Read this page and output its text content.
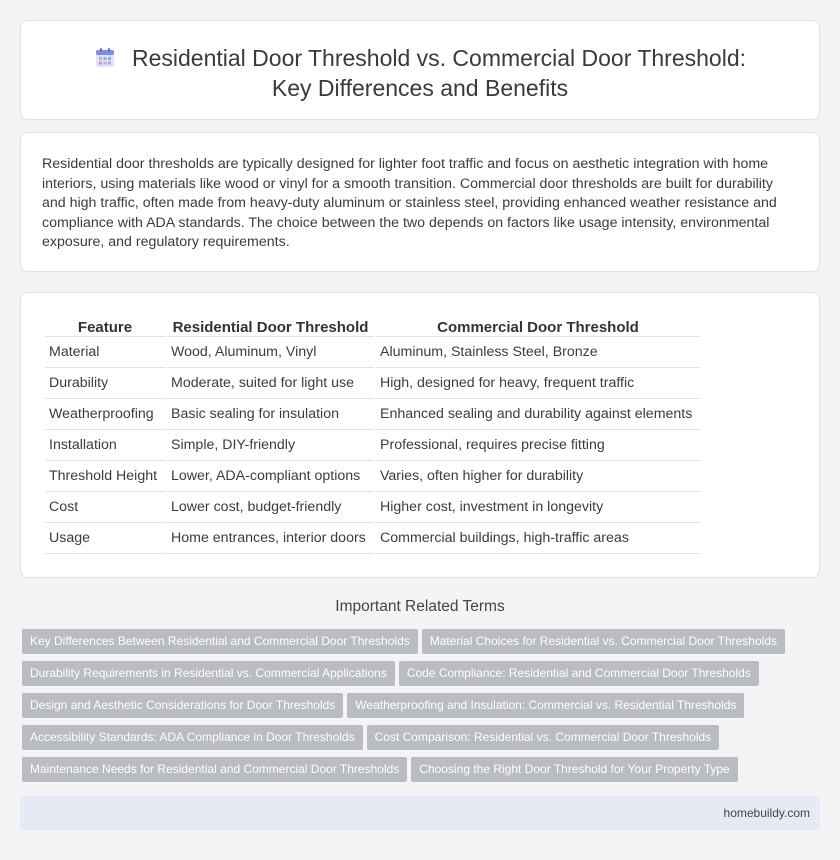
Residential Door Threshold vs. Commercial Door Threshold: Key Differences and Benefits

Residential door thresholds are typically designed for lighter foot traffic and focus on aesthetic integration with home interiors, using materials like wood or vinyl for a smooth transition. Commercial door thresholds are built for durability and high traffic, often made from heavy-duty aluminum or stainless steel, providing enhanced weather resistance and compliance with ADA standards. The choice between the two depends on factors like usage intensity, environmental exposure, and regulatory requirements.

Feature	Residential Door Threshold	Commercial Door Threshold
Material	Wood, Aluminum, Vinyl	Aluminum, Stainless Steel, Bronze
Durability	Moderate, suited for light use	High, designed for heavy, frequent traffic
Weatherproofing	Basic sealing for insulation	Enhanced sealing and durability against elements
Installation	Simple, DIY-friendly	Professional, requires precise fitting
Threshold Height	Lower, ADA-compliant options	Varies, often higher for durability
Cost	Lower cost, budget-friendly	Higher cost, investment in longevity
Usage	Home entrances, interior doors	Commercial buildings, high-traffic areas
Important Related Terms
Key Differences Between Residential and Commercial Door Thresholds Material Choices for Residential vs. Commercial Door Thresholds
Durability Requirements in Residential vs. Commercial Applications Code Compliance: Residential and Commercial Door Thresholds
Design and Aesthetic Considerations for Door Thresholds Weatherproofing and Insulation: Commercial vs. Residential Thresholds
Accessibility Standards: ADA Compliance in Door Thresholds Cost Comparison: Residential vs. Commercial Door Thresholds
Maintenance Needs for Residential and Commercial Door Thresholds Choosing the Right Door Threshold for Your Property Type
homebuildy.com
